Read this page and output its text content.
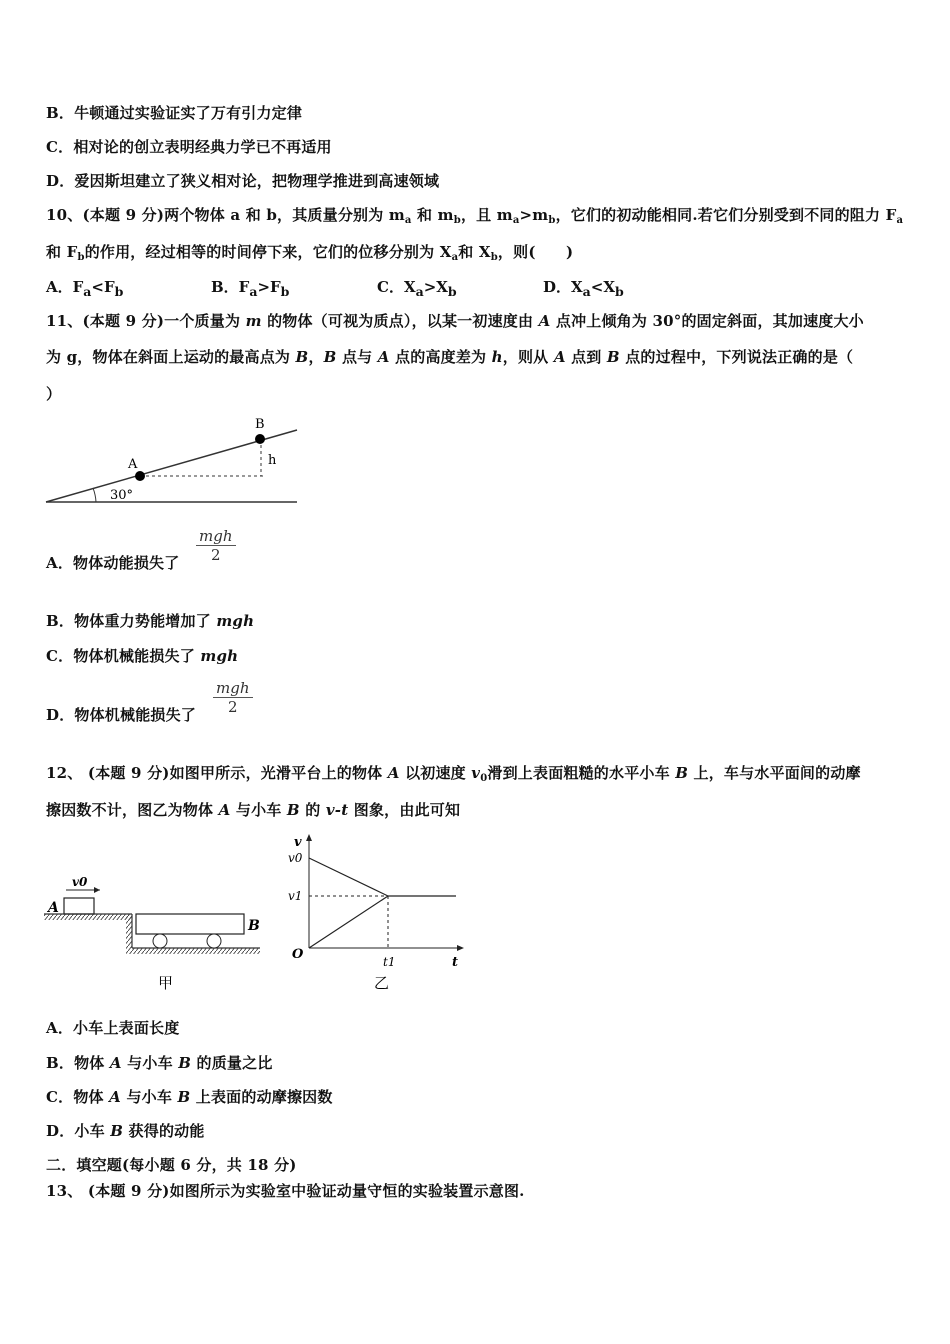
B．牛顿通过实验证实了万有引力定律
C．相对论的创立表明经典力学已不再适用
D．爱因斯坦建立了狭义相对论，把物理学推进到高速领域
10、(本题 9 分)两个物体 a 和 b，其质量分别为 $m_a$ 和 $m_b$，且 $m_a>m_b$，它们的初动能相同.若它们分别受到不同的阻力 $F_a$
和 $F_b$的作用，经过相等的时间停下来，它们的位移分别为 $X_a$和 $X_b$，则(　　)
A．$F_a<F_b$	B．$F_a>F_b$	C．$X_a>X_b$	D．$X_a<X_b$
11、(本题 9 分)一个质量为 m 的物体（可视为质点），以某一初速度由 A 点冲上倾角为 30°的固定斜面，其加速度大小
为 g，物体在斜面上运动的最高点为 B，B 点与 A 点的高度差为 h，则从 A 点到 B 点的过程中，下列说法正确的是（
）
A
B
h
30°
A．物体动能损失了
mgh
2
B．物体重力势能增加了 mgh
C．物体机械能损失了 mgh
D．物体机械能损失了
mgh
2
12、 (本题 9 分)如图甲所示，光滑平台上的物体 A 以初速度 $v_0$滑到上表面粗糙的水平小车 B 上，车与水平面间的动摩
擦因数不计，图乙为物体 A 与小车 B 的 v-t 图象，由此可知
A
B
v0
甲
v
v0
v1
O	t1	t
乙
A．小车上表面长度
B．物体 A 与小车 B 的质量之比
C．物体 A 与小车 B 上表面的动摩擦因数
D．小车 B 获得的动能
二．填空题(每小题 6 分，共 18 分)
13、 (本题 9 分)如图所示为实验室中验证动量守恒的实验装置示意图.
